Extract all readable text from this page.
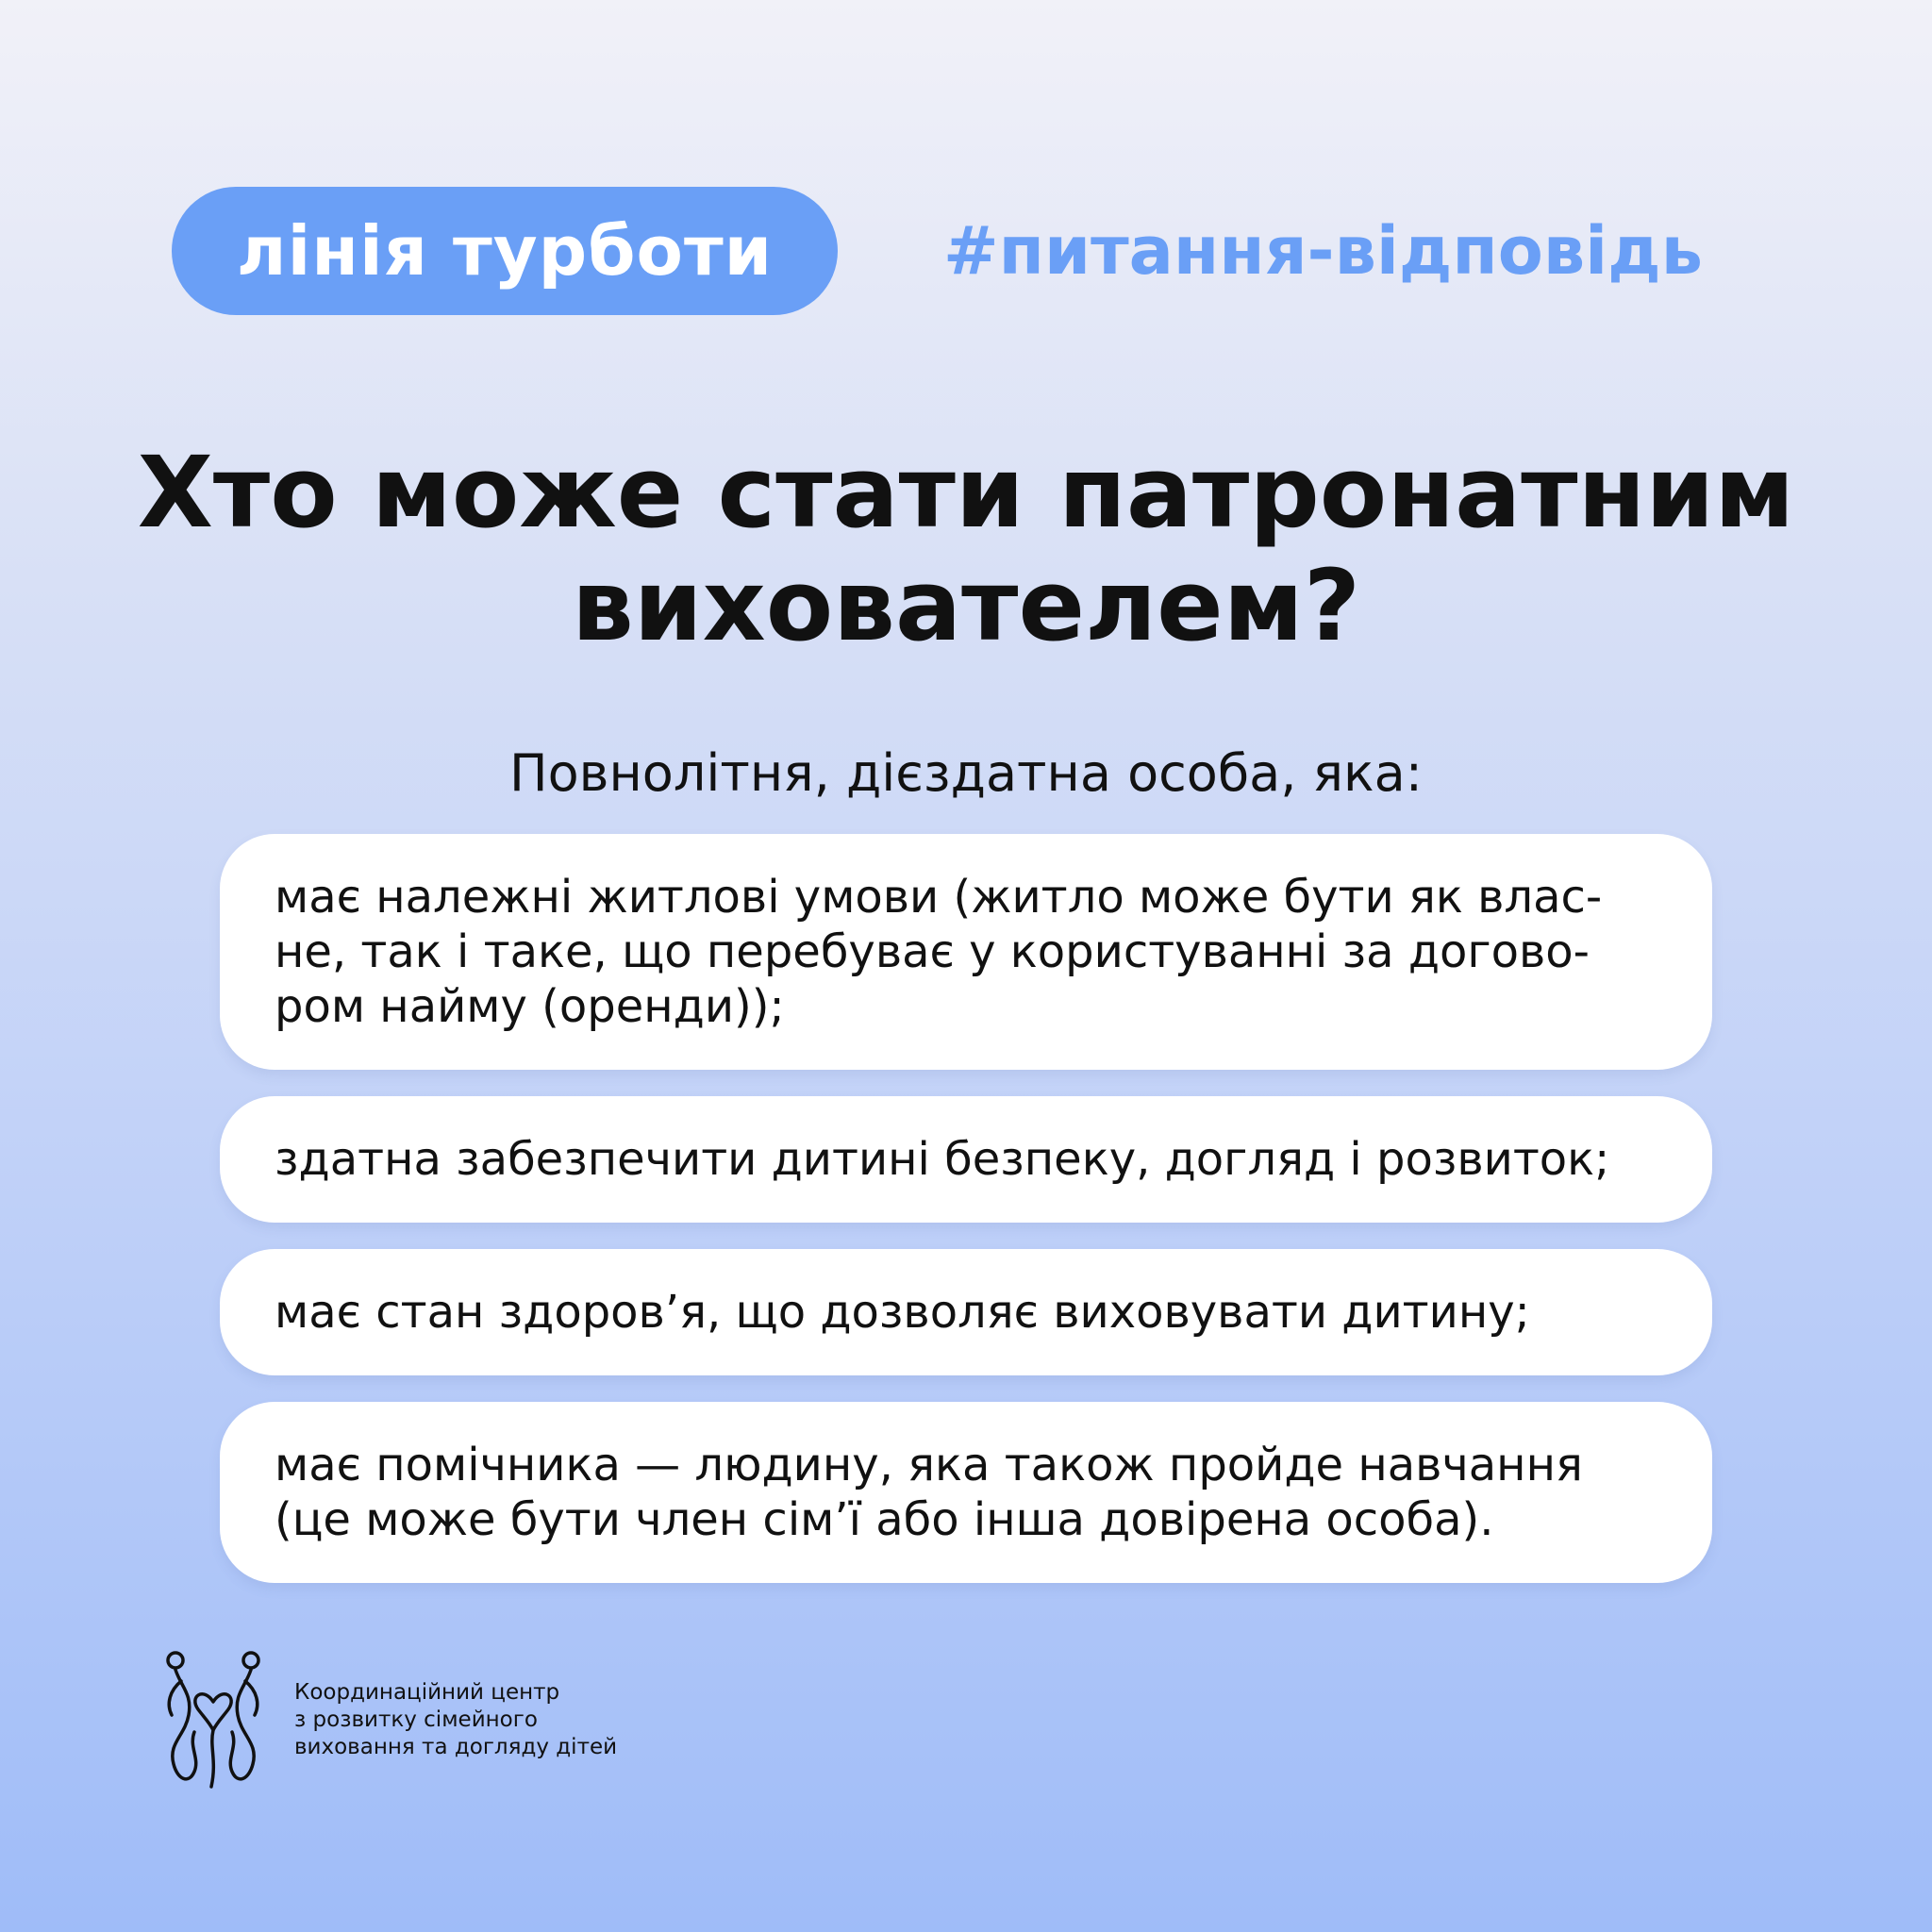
лінія турботи	#питання-відповідь
Хто може стати патронатним
вихователем?
Повнолітня, дієздатна особа, яка:
має належні житлові умови (житло може бути як влас-не, так і таке, що перебуває у користуванні за догово-ром найму (оренди));
здатна забезпечити дитині безпеку, догляд і розвиток;
має стан здоров’я, що дозволяє виховувати дитину;
має помічника — людину, яка також пройде навчання (це може бути член сім’ї або інша довірена особа).
Координаційний центр
з розвитку сімейного
виховання та догляду дітей
